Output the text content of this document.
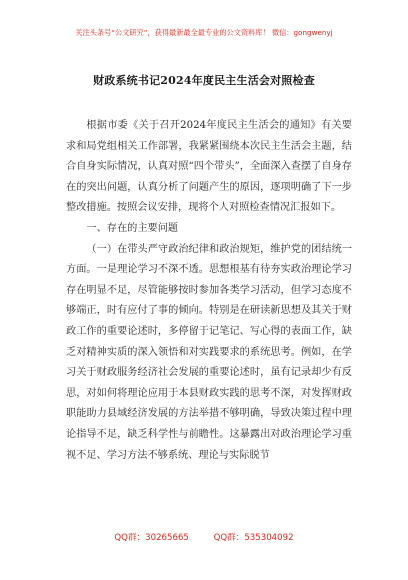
关注头条号“公文研究”，获得最新最全最专业的公文资料库！ 微信：gongwenyj
财政系统书记2024年度民主生活会对照检查

根据市委《关于召开2024年度民主生活会的通知》有关要求和局党组相关工作部署，我紧紧围绕本次民主生活会主题，结合自身实际情况，认真对照“四个带头”，全面深入查摆了自身存在的突出问题，认真分析了问题产生的原因，逐项明确了下一步整改措施。按照会议安排，现将个人对照检查情况汇报如下。

一、存在的主要问题

（一）在带头严守政治纪律和政治规矩，维护党的团结统一方面。一是理论学习不深不透。思想根基有待夯实政治理论学习存在明显不足，尽管能够按时参加各类学习活动，但学习态度不够端正，时有应付了事的倾向。特别是在研读新思想及其关于财政工作的重要论述时，多停留于记笔记、写心得的表面工作，缺乏对精神实质的深入领悟和对实践要求的系统思考。例如，在学习关于财政服务经济社会发展的重要论述时，虽有记录却少有反思，对如何将理论应用于本县财政实践的思考不深，对发挥财政职能助力县域经济发展的方法举措不够明确，导致决策过程中理论指导不足，缺乏科学性与前瞻性。这暴露出对政治理论学习重视不足、学习方法不够系统、理论与实际脱节

QQ群：30265665	QQ群：535304092
